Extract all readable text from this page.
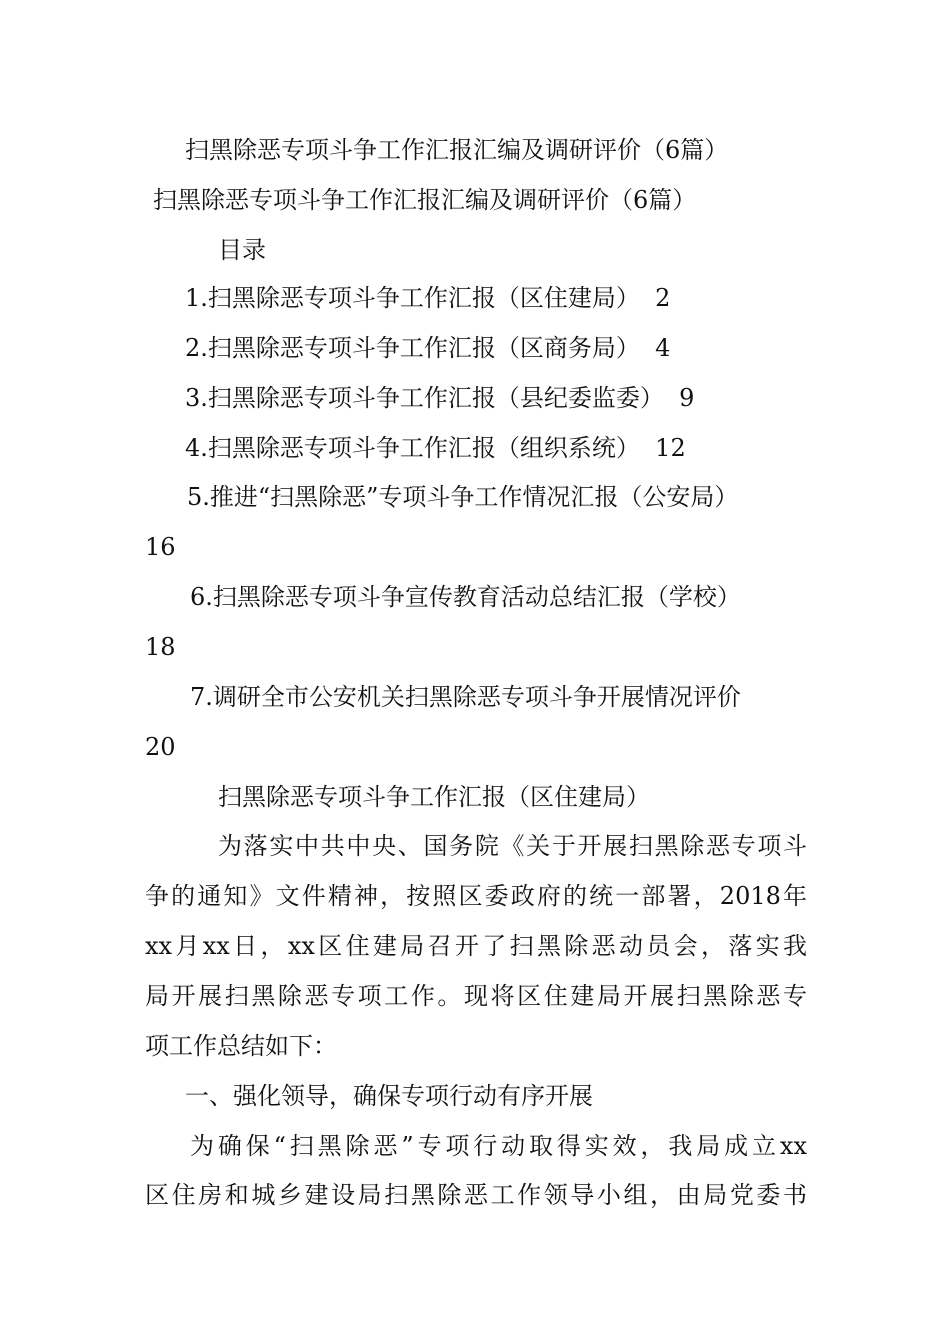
扫黑除恶专项斗争工作汇报汇编及调研评价（6篇）
扫黑除恶专项斗争工作汇报汇编及调研评价（6篇）
目录
1.扫黑除恶专项斗争工作汇报（区住建局） 2
2.扫黑除恶专项斗争工作汇报（区商务局） 4
3.扫黑除恶专项斗争工作汇报（县纪委监委） 9
4.扫黑除恶专项斗争工作汇报（组织系统） 12
5.推进“扫黑除恶”专项斗争工作情况汇报（公安局）
16
6.扫黑除恶专项斗争宣传教育活动总结汇报（学校）
18
7.调研全市公安机关扫黑除恶专项斗争开展情况评价
20
扫黑除恶专项斗争工作汇报（区住建局）
为落实中共中央、国务院《关于开展扫黑除恶专项斗
争的通知》文件精神，按照区委政府的统一部署，2018年
xx月xx日，xx区住建局召开了扫黑除恶动员会，落实我
局开展扫黑除恶专项工作。现将区住建局开展扫黑除恶专
项工作总结如下：
一、强化领导，确保专项行动有序开展
为确保“扫黑除恶”专项行动取得实效，我局成立xx
区住房和城乡建设局扫黑除恶工作领导小组，由局党委书
